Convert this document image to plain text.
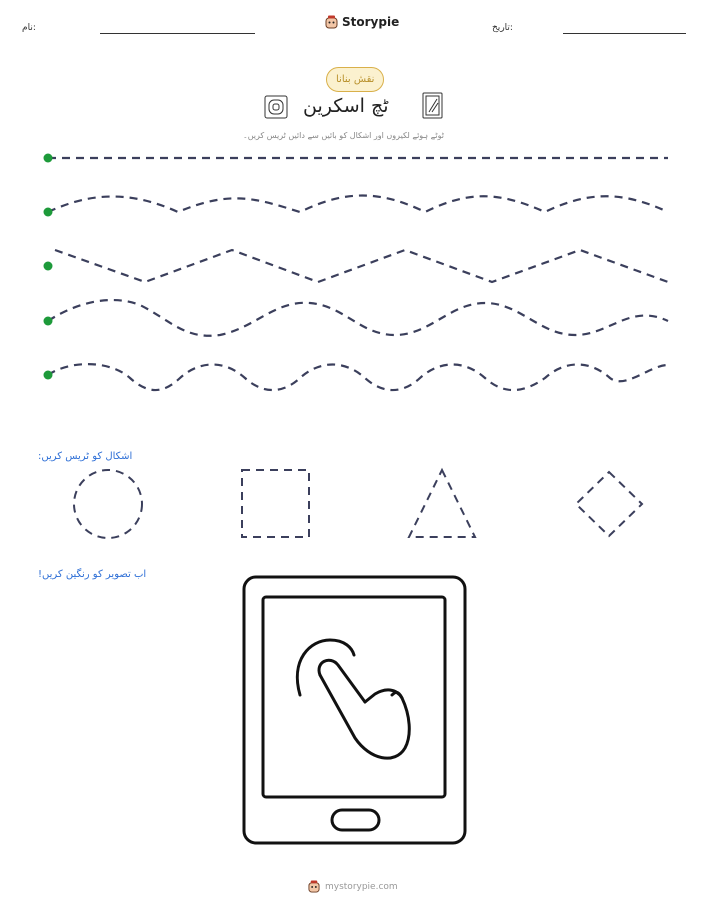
نام:	Storypie	تاریخ:
نقش بنانا
ٹچ اسکرین
ٹوٹے ہوئے لکیروں اور اشکال کو بائیں سے دائیں ٹریس کریں۔
اشکال کو ٹریس کریں:
اب تصویر کو رنگین کریں!
mystorypie.com
